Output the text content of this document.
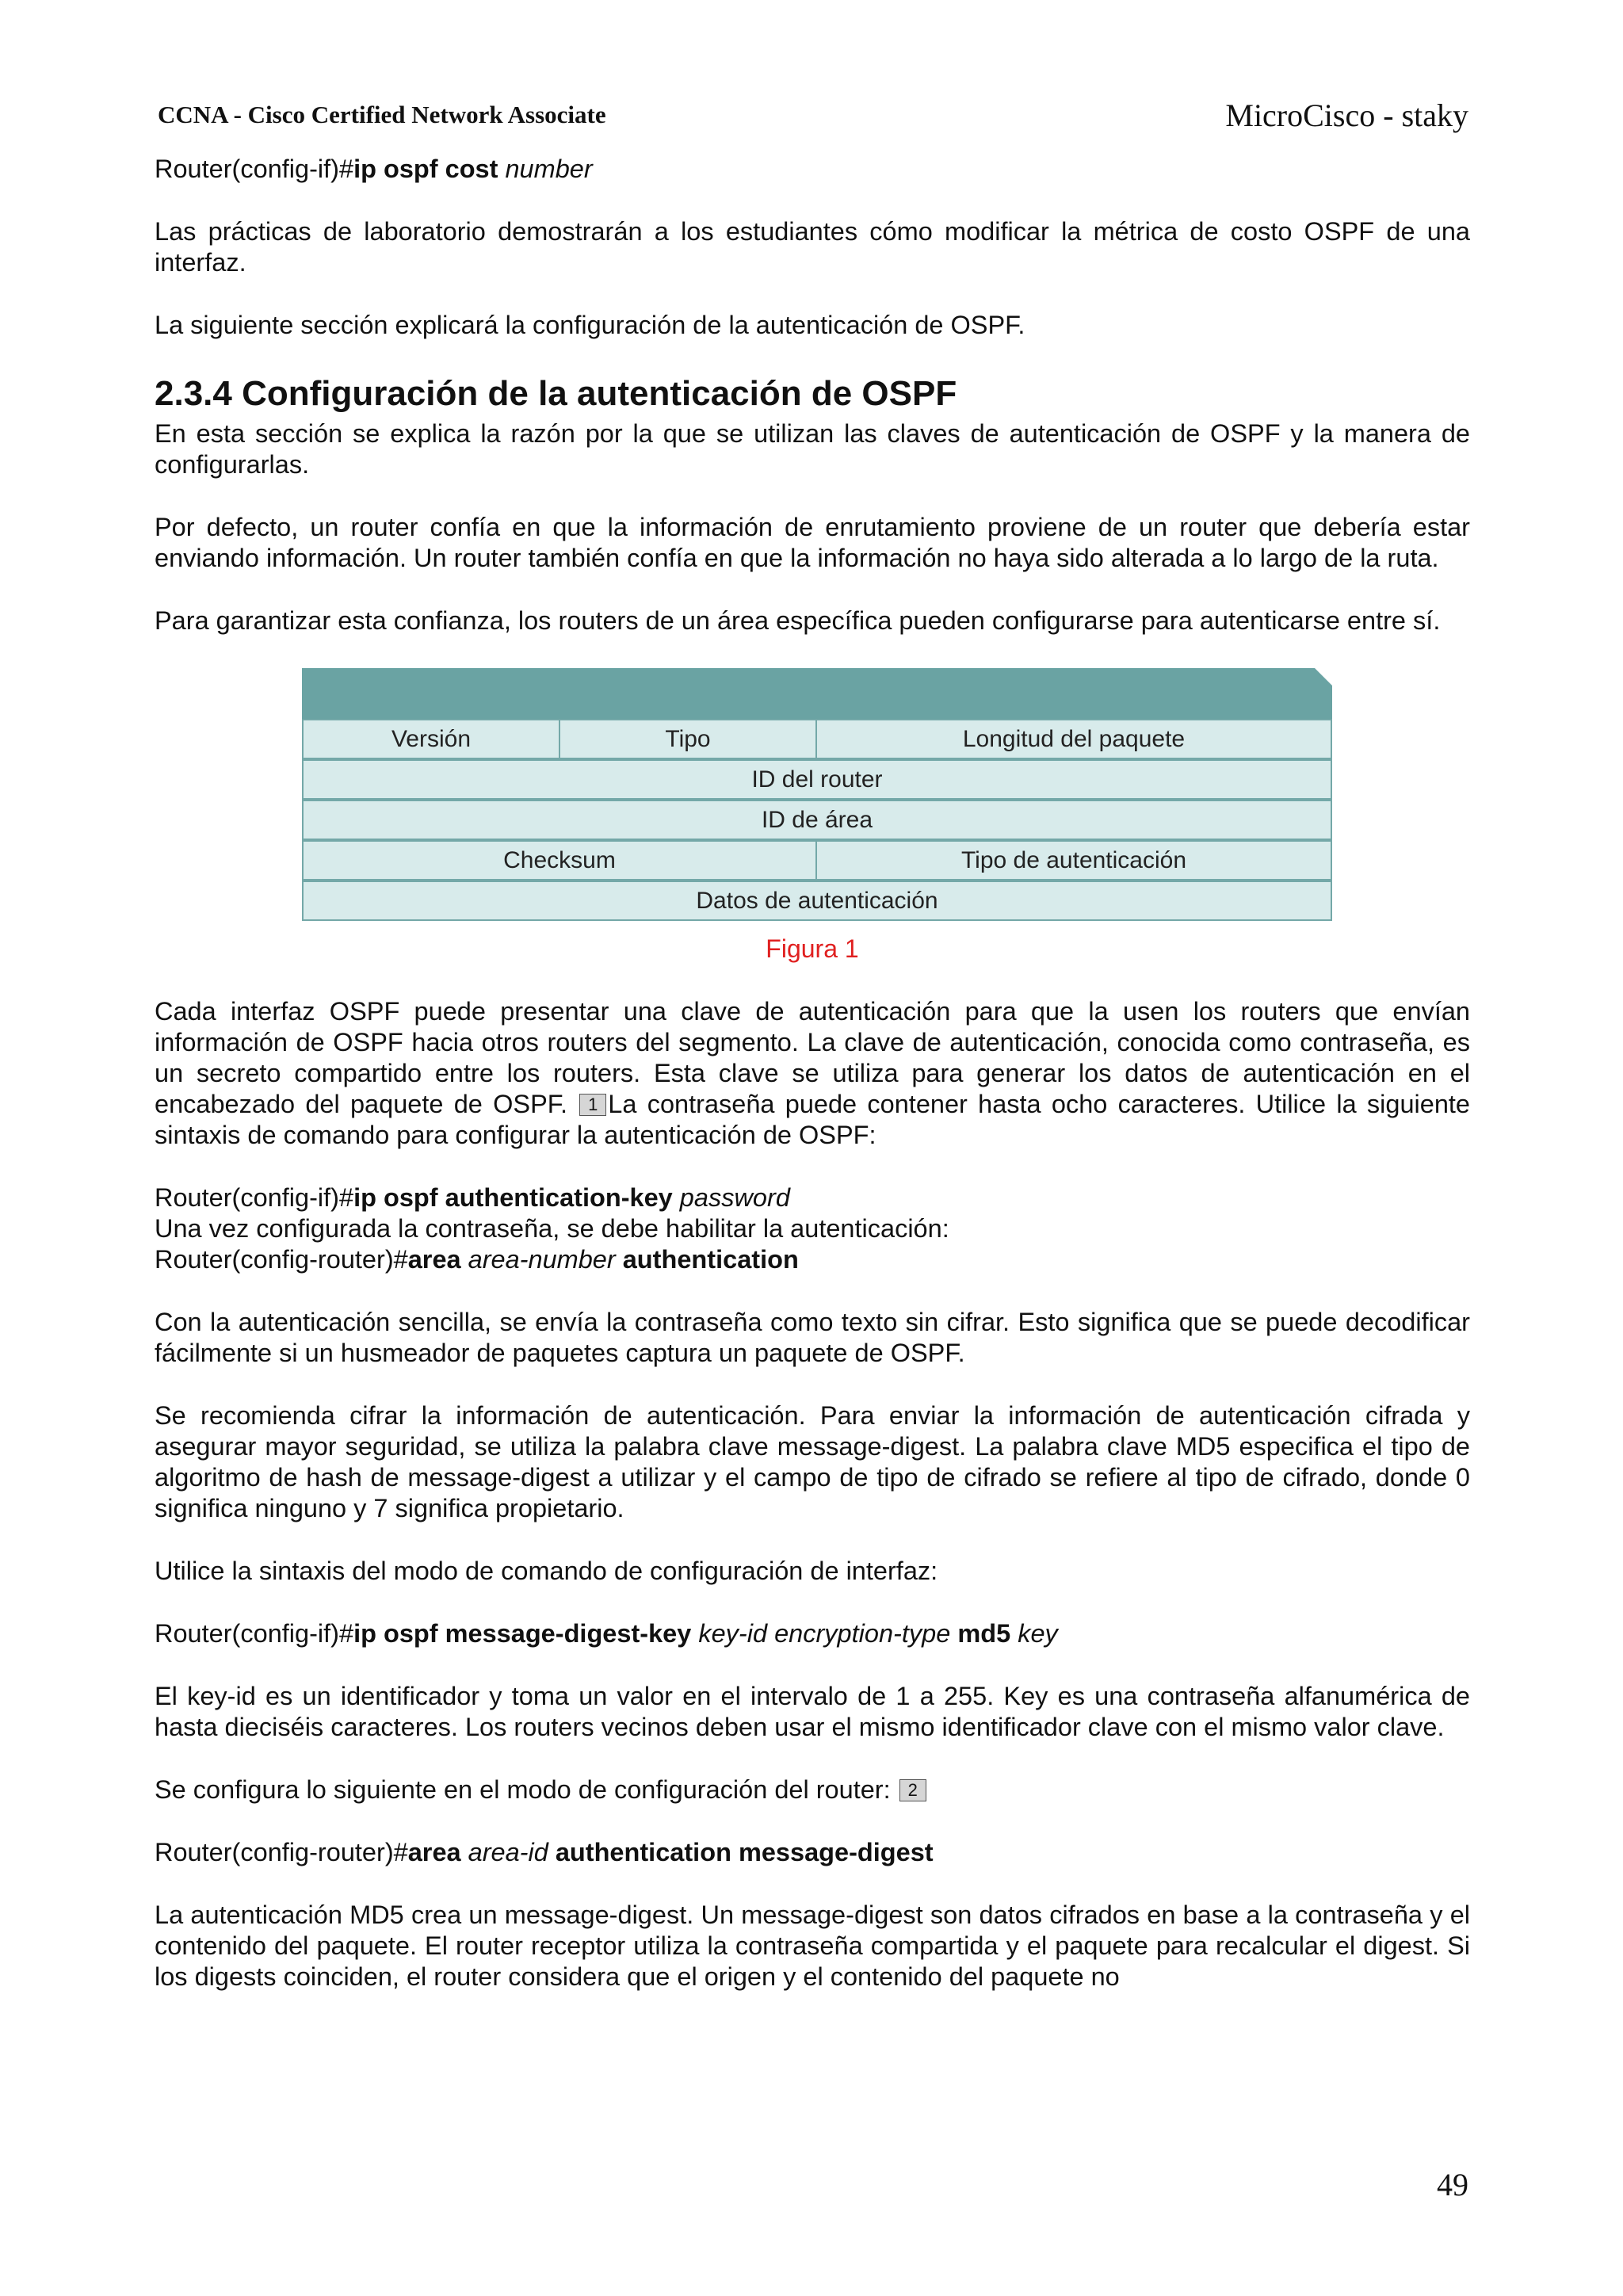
CCNA - Cisco Certified Network Associate	MicroCisco - staky

Router(config-if)#ip ospf cost number

Las prácticas de laboratorio demostrarán a los estudiantes cómo modificar la métrica de costo OSPF de una interfaz.

La siguiente sección explicará la configuración de la autenticación de OSPF.

2.3.4 Configuración de la autenticación de OSPF

En esta sección se explica la razón por la que se utilizan las claves de autenticación de OSPF y la manera de configurarlas.

Por defecto, un router confía en que la información de enrutamiento proviene de un router que debería estar enviando información. Un router también confía en que la información no haya sido alterada a lo largo de la ruta.

Para garantizar esta confianza, los routers de un área específica pueden configurarse para autenticarse entre sí.

Versión	Tipo	Longitud del paquete
ID del router
ID de área
Checksum	Tipo de autenticación
Datos de autenticación
Figura 1

Cada interfaz OSPF puede presentar una clave de autenticación para que la usen los routers que envían información de OSPF hacia otros routers del segmento. La clave de autenticación, conocida como contraseña, es un secreto compartido entre los routers. Esta clave se utiliza para generar los datos de autenticación en el encabezado del paquete de OSPF. 1 La contraseña puede contener hasta ocho caracteres. Utilice la siguiente sintaxis de comando para configurar la autenticación de OSPF:

Router(config-if)#ip ospf authentication-key password

Una vez configurada la contraseña, se debe habilitar la autenticación:

Router(config-router)#area area-number authentication

Con la autenticación sencilla, se envía la contraseña como texto sin cifrar. Esto significa que se puede decodificar fácilmente si un husmeador de paquetes captura un paquete de OSPF.

Se recomienda cifrar la información de autenticación. Para enviar la información de autenticación cifrada y asegurar mayor seguridad, se utiliza la palabra clave message-digest. La palabra clave MD5 especifica el tipo de algoritmo de hash de message-digest a utilizar y el campo de tipo de cifrado se refiere al tipo de cifrado, donde 0 significa ninguno y 7 significa propietario.

Utilice la sintaxis del modo de comando de configuración de interfaz:

Router(config-if)#ip ospf message-digest-key key-id encryption-type md5 key

El key-id es un identificador y toma un valor en el intervalo de 1 a 255. Key es una contraseña alfanumérica de hasta dieciséis caracteres. Los routers vecinos deben usar el mismo identificador clave con el mismo valor clave.

Se configura lo siguiente en el modo de configuración del router: 2

Router(config-router)#area area-id authentication message-digest

La autenticación MD5 crea un message-digest. Un message-digest son datos cifrados en base a la contraseña y el contenido del paquete. El router receptor utiliza la contraseña compartida y el paquete para recalcular el digest. Si los digests coinciden, el router considera que el origen y el contenido del paquete no

49
